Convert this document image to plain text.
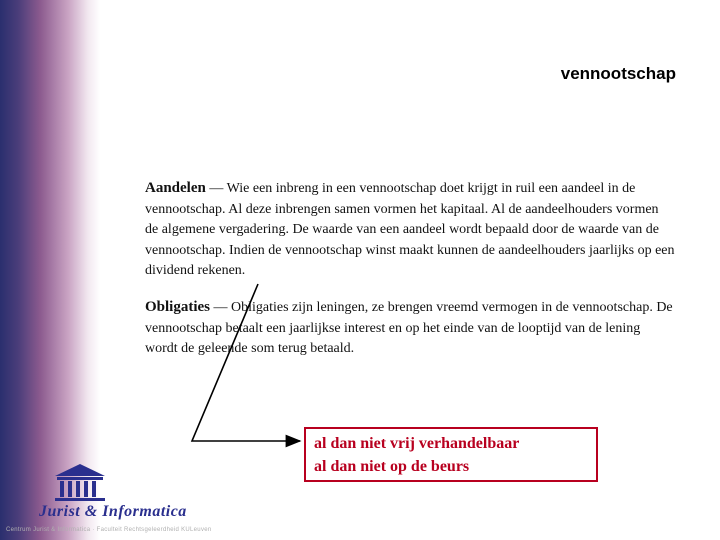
vennootschap
Aandelen — Wie een inbreng in een vennootschap doet krijgt in ruil een aandeel in de vennootschap. Al deze inbrengen samen vormen het kapitaal. Al de aandeelhouders vormen de algemene vergadering. De waarde van een aandeel wordt bepaald door de waarde van de vennootschap. Indien de vennootschap winst maakt kunnen de aandeelhouders jaarlijks op een dividend rekenen.
Obligaties — Obligaties zijn leningen, ze brengen vreemd vermogen in de vennootschap. De vennootschap betaalt een jaarlijkse interest en op het einde van de looptijd van de lening wordt de geleende som terug betaald.
al dan niet vrij verhandelbaar
al dan niet op de beurs
Jurist & Informatica
Centrum Jurist & Informatica · Faculteit Rechtsgeleerdheid KULeuven
